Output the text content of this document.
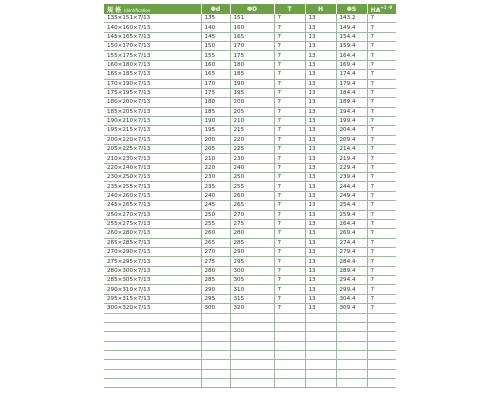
規 格 Identification	Φd	ΦD	T	H	ΦS	$HA^{+1 -0}$
135×151×7/13	135	151	7	13	143.2	7
140×160×7/13	140	160	7	13	149.4	7
145×165×7/13	145	165	7	13	154.4	7
150×170×7/13	150	170	7	13	159.4	7
155×175×7/13	155	175	7	13	164.4	7
160×180×7/13	160	180	7	13	169.4	7
165×185×7/13	165	185	7	13	174.4	7
170×190×7/13	170	190	7	13	179.4	7
175×195×7/13	175	195	7	13	184.4	7
180×200×7/13	180	200	7	13	189.4	7
185×205×7/13	185	205	7	13	194.4	7
190×210×7/13	190	210	7	13	199.4	7
195×215×7/13	195	215	7	13	204.4	7
200×220×7/13	200	220	7	13	209.4	7
205×225×7/13	205	225	7	13	214.4	7
210×230×7/13	210	230	7	13	219.4	7
220×240×7/13	220	240	7	13	229.4	7
230×250×7/13	230	250	7	13	239.4	7
235×255×7/13	235	255	7	13	244.4	7
240×260×7/13	240	260	7	13	249.4	7
245×265×7/13	245	265	7	13	254.4	7
250×270×7/13	250	270	7	13	259.4	7
255×275×7/13	255	275	7	13	264.4	7
260×280×7/13	260	280	7	13	269.4	7
265×285×7/13	265	285	7	13	274.4	7
270×290×7/13	270	290	7	13	279.4	7
275×295×7/13	275	295	7	13	284.4	7
280×300×7/13	280	300	7	13	289.4	7
285×305×7/13	285	305	7	13	294.4	7
290×310×7/13	290	310	7	13	299.4	7
295×315×7/13	295	315	7	13	304.4	7
300×320×7/13	300	320	7	13	309.4	7
